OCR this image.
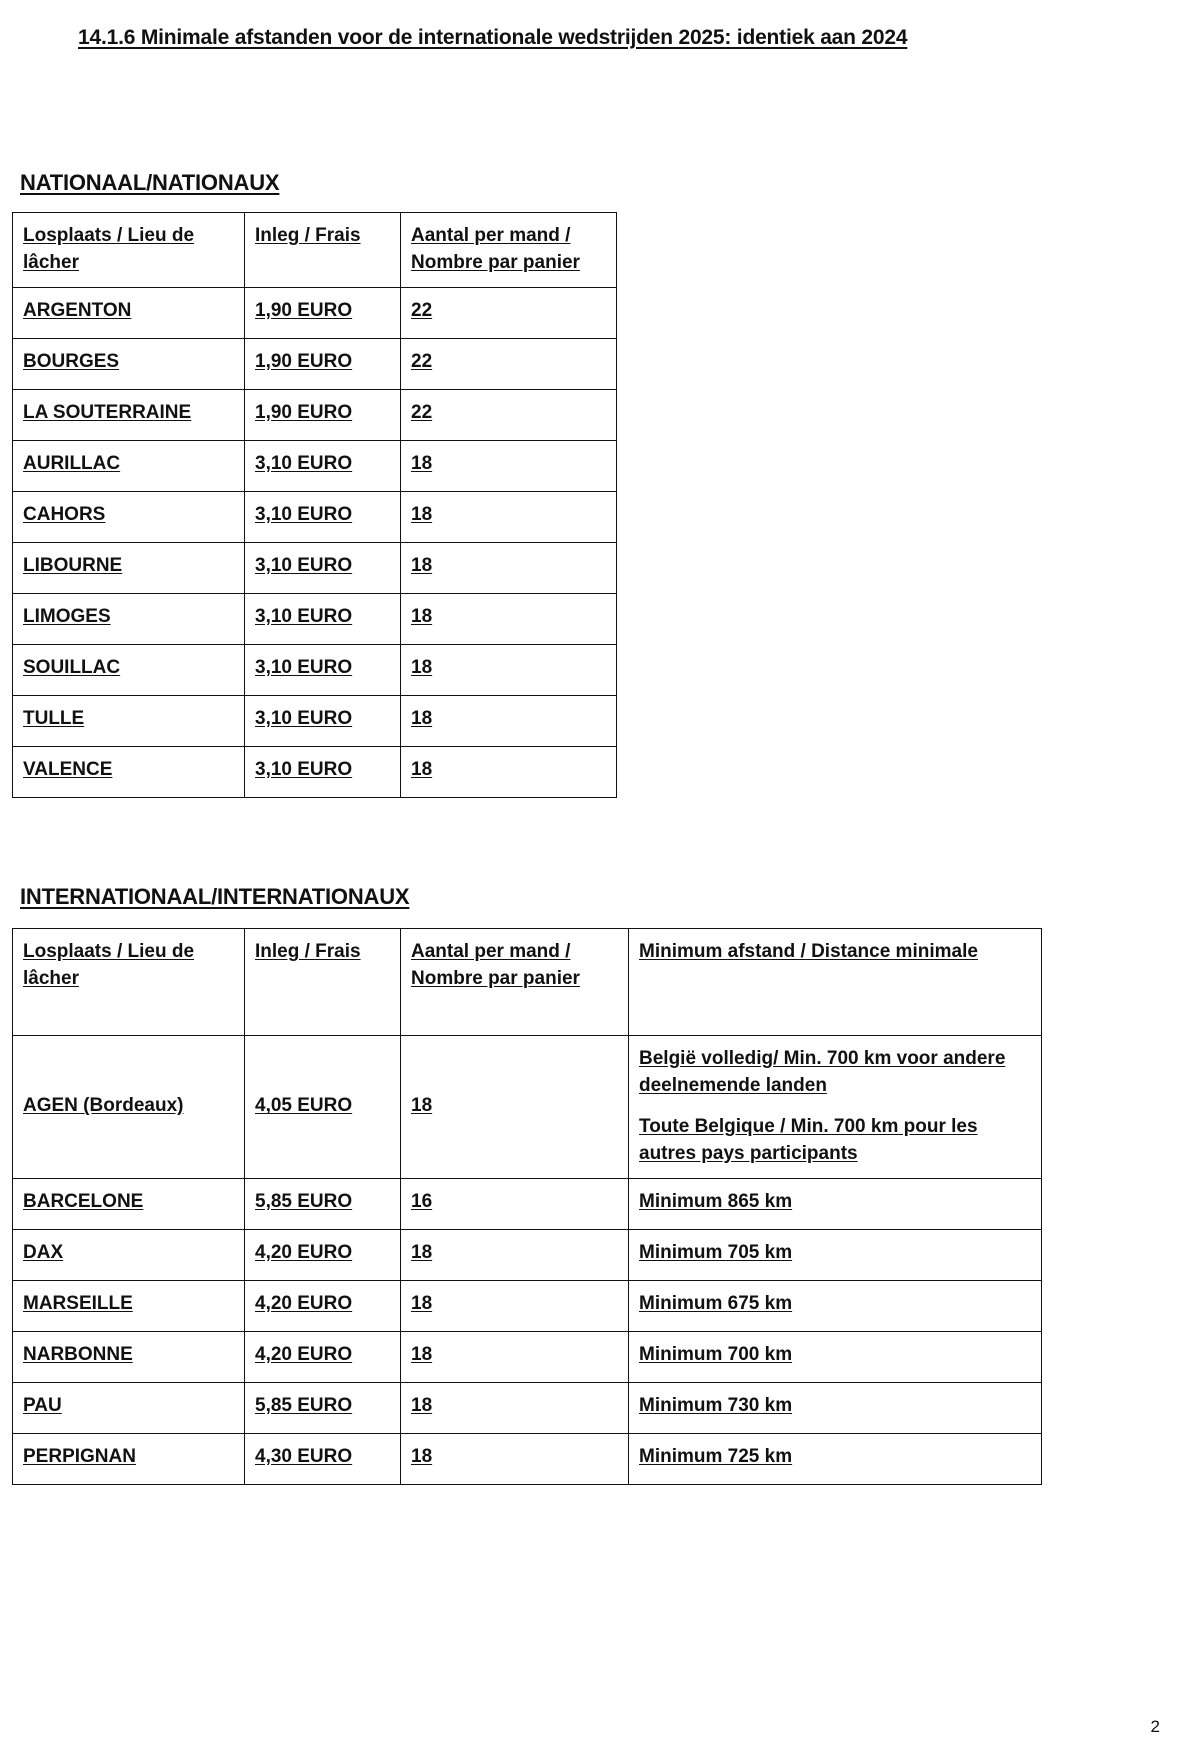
14.1.6 Minimale afstanden voor de internationale wedstrijden 2025: identiek aan 2024
NATIONAAL/NATIONAUX
Losplaats / Lieu de lâcher	Inleg / Frais	Aantal per mand / Nombre par panier
ARGENTON	1,90 EURO	22
BOURGES	1,90 EURO	22
LA SOUTERRAINE	1,90 EURO	22
AURILLAC	3,10 EURO	18
CAHORS	3,10 EURO	18
LIBOURNE	3,10 EURO	18
LIMOGES	3,10 EURO	18
SOUILLAC	3,10 EURO	18
TULLE	3,10 EURO	18
VALENCE	3,10 EURO	18
INTERNATIONAAL/INTERNATIONAUX
Losplaats / Lieu de lâcher	Inleg / Frais	Aantal per mand / Nombre par panier	Minimum afstand / Distance minimale
AGEN (Bordeaux)	4,05 EURO	18	België volledig/ Min. 700 km voor andere deelnemende landen
Toute Belgique / Min. 700 km pour les autres pays participants

BARCELONE	5,85 EURO	16	Minimum 865 km
DAX	4,20 EURO	18	Minimum 705 km
MARSEILLE	4,20 EURO	18	Minimum 675 km
NARBONNE	4,20 EURO	18	Minimum 700 km
PAU	5,85 EURO	18	Minimum 730 km
PERPIGNAN	4,30 EURO	18	Minimum 725 km
2
